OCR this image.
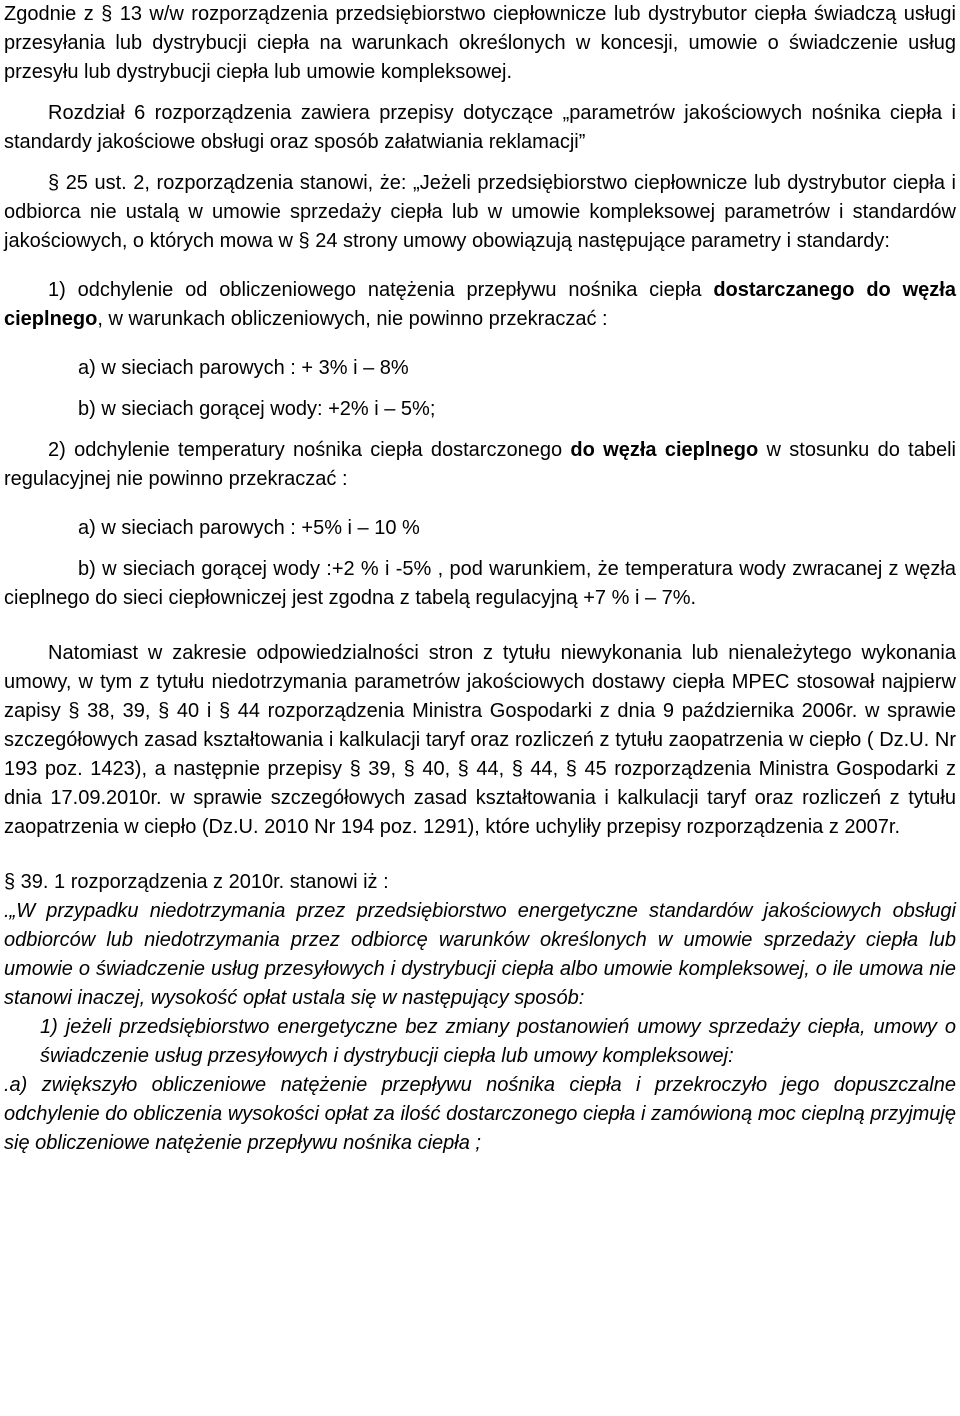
Zgodnie z § 13 w/w rozporządzenia przedsiębiorstwo ciepłownicze lub dystrybutor ciepła świadczą usługi przesyłania lub dystrybucji ciepła na warunkach określonych w koncesji, umowie o świadczenie usług przesyłu lub dystrybucji ciepła lub umowie kompleksowej.

Rozdział 6 rozporządzenia zawiera przepisy dotyczące „parametrów jakościowych nośnika ciepła i standardy jakościowe obsługi oraz sposób załatwiania reklamacji”

§ 25 ust. 2, rozporządzenia stanowi, że: „Jeżeli przedsiębiorstwo ciepłownicze lub dystrybutor ciepła i odbiorca nie ustalą w umowie sprzedaży ciepła lub w umowie kompleksowej parametrów i standardów jakościowych, o których mowa w § 24 strony umowy obowiązują następujące parametry i standardy:

1) odchylenie od obliczeniowego natężenia przepływu nośnika ciepła dostarczanego do węzła cieplnego, w warunkach obliczeniowych, nie powinno przekraczać :

a) w sieciach parowych : + 3% i – 8%

b) w sieciach gorącej wody: +2% i – 5%;

2) odchylenie temperatury nośnika ciepła dostarczonego do węzła cieplnego w stosunku do tabeli regulacyjnej nie powinno przekraczać :

a) w sieciach parowych : +5% i – 10 %

b) w sieciach gorącej wody :+2 % i -5% , pod warunkiem, że temperatura wody zwracanej z węzła cieplnego do sieci ciepłowniczej jest zgodna z tabelą regulacyjną +7 % i – 7%.

Natomiast w zakresie odpowiedzialności stron z tytułu niewykonania lub nienależytego wykonania umowy, w tym z tytułu niedotrzymania parametrów jakościowych dostawy ciepła MPEC stosował najpierw zapisy § 38, 39, § 40 i § 44 rozporządzenia Ministra Gospodarki z dnia 9 października 2006r. w sprawie szczegółowych zasad kształtowania i kalkulacji taryf oraz rozliczeń z tytułu zaopatrzenia w ciepło ( Dz.U. Nr 193 poz. 1423), a następnie przepisy § 39, § 40, § 44, § 44, § 45 rozporządzenia Ministra Gospodarki z dnia 17.09.2010r. w sprawie szczegółowych zasad kształtowania i kalkulacji taryf oraz rozliczeń z tytułu zaopatrzenia w ciepło (Dz.U. 2010 Nr 194 poz. 1291), które uchyliły przepisy rozporządzenia z 2007r.

§ 39. 1 rozporządzenia z 2010r. stanowi iż :

.„W przypadku niedotrzymania przez przedsiębiorstwo energetyczne standardów jakościowych obsługi odbiorców lub niedotrzymania przez odbiorcę warunków określonych w umowie sprzedaży ciepła lub umowie o świadczenie usług przesyłowych i dystrybucji ciepła albo umowie kompleksowej, o ile umowa nie stanowi inaczej, wysokość opłat ustala się w następujący sposób:

1) jeżeli przedsiębiorstwo energetyczne bez zmiany postanowień umowy sprzedaży ciepła, umowy o świadczenie usług przesyłowych i dystrybucji ciepła lub umowy kompleksowej:

.a) zwiększyło obliczeniowe natężenie przepływu nośnika ciepła i przekroczyło jego dopuszczalne odchylenie do obliczenia wysokości opłat za ilość dostarczonego ciepła i zamówioną moc cieplną przyjmuję się obliczeniowe natężenie przepływu nośnika ciepła ;
